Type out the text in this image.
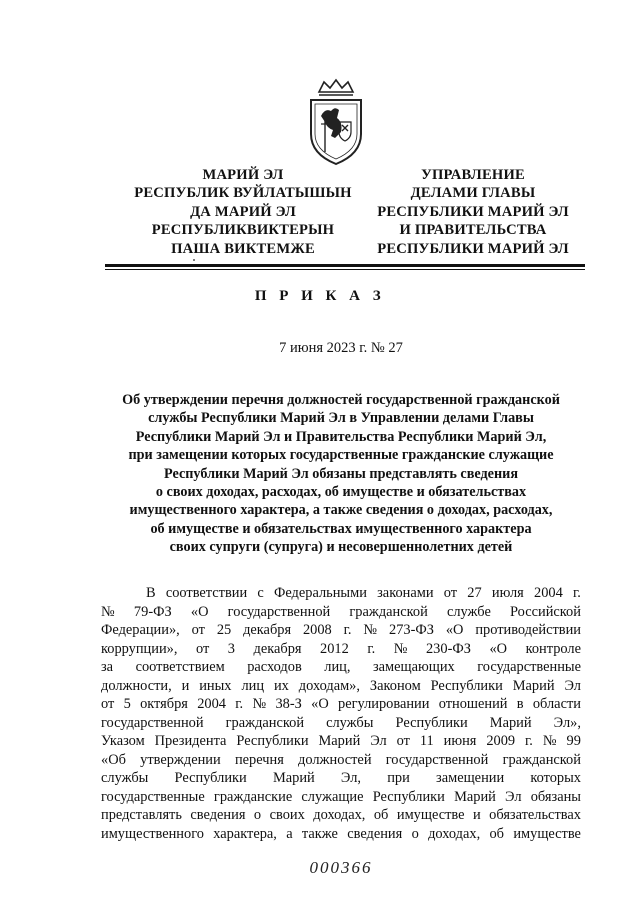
МАРИЙ ЭЛ
РЕСПУБЛИК ВУЙЛАТЫШЫН
ДА МАРИЙ ЭЛ
РЕСПУБЛИКВИКТЕРЫН
ПАША ВИКТЕМЖЕ
УПРАВЛЕНИЕ
ДЕЛАМИ ГЛАВЫ
РЕСПУБЛИКИ МАРИЙ ЭЛ
И ПРАВИТЕЛЬСТВА
РЕСПУБЛИКИ МАРИЙ ЭЛ
П Р И К А З
7 июня 2023 г. № 27
Об утверждении перечня должностей государственной гражданской
службы Республики Марий Эл в Управлении делами Главы
Республики Марий Эл и Правительства Республики Марий Эл,
при замещении которых государственные гражданские служащие
Республики Марий Эл обязаны представлять сведения
о своих доходах, расходах, об имуществе и обязательствах
имущественного характера, а также сведения о доходах, расходах,
об имуществе и обязательствах имущественного характера
своих супруги (супруга) и несовершеннолетних детей
В соответствии с Федеральными законами от 27 июля 2004 г.
№ 79-ФЗ «О государственной гражданской службе Российской
Федерации», от 25 декабря 2008 г. № 273-ФЗ «О противодействии
коррупции», от 3 декабря 2012 г. № 230-ФЗ «О контроле
за соответствием расходов лиц, замещающих государственные
должности, и иных лиц их доходам», Законом Республики Марий Эл
от 5 октября 2004 г. № 38-З «О регулировании отношений в области
государственной гражданской службы Республики Марий Эл»,
Указом Президента Республики Марий Эл от 11 июня 2009 г. № 99
«Об утверждении перечня должностей государственной гражданской
службы Республики Марий Эл, при замещении которых
государственные гражданские служащие Республики Марий Эл обязаны
представлять сведения о своих доходах, об имуществе и обязательствах
имущественного характера, а также сведения о доходах, об имуществе
000366
